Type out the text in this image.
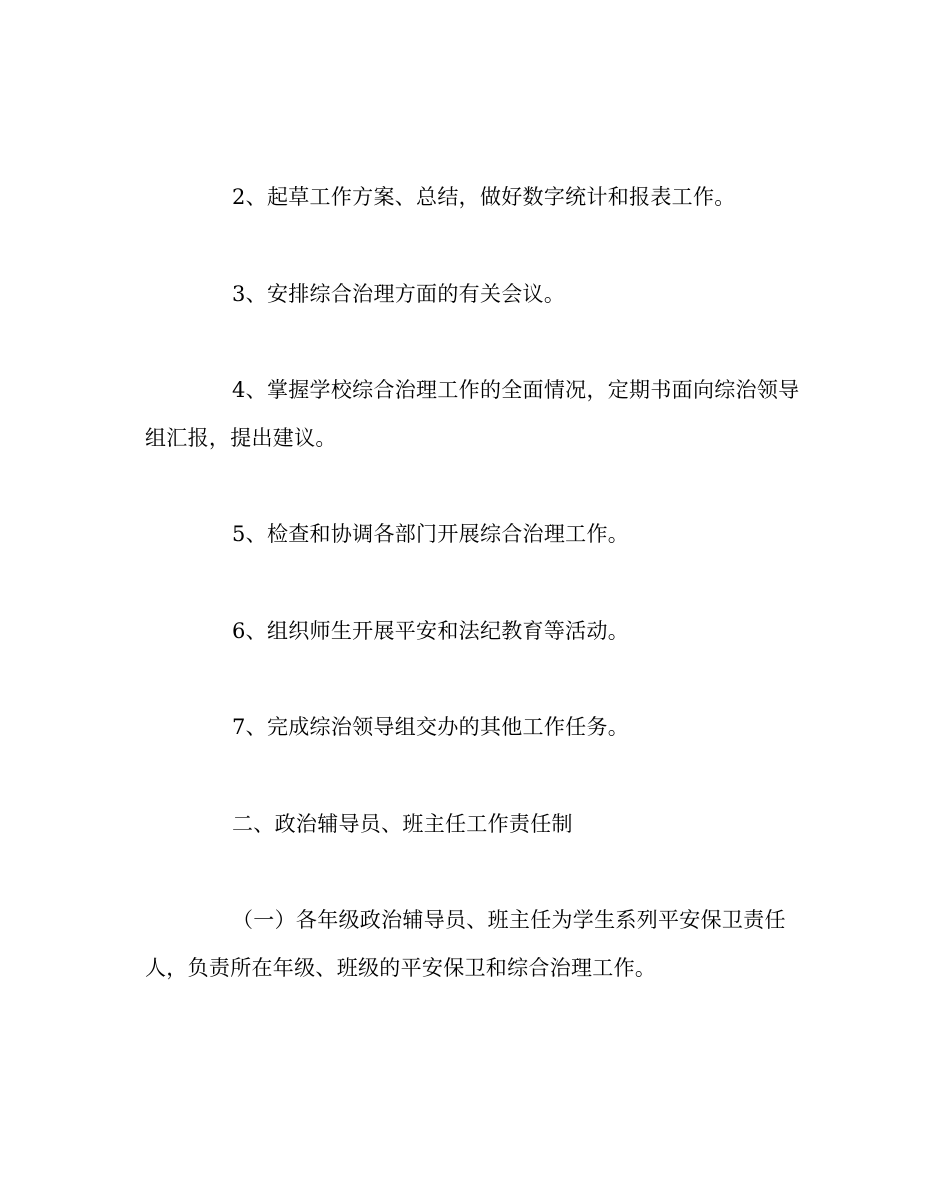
2、起草工作方案、总结，做好数字统计和报表工作。

3、安排综合治理方面的有关会议。

4、掌握学校综合治理工作的全面情况，定期书面向综治领导组汇报，提出建议。

5、检查和协调各部门开展综合治理工作。

6、组织师生开展平安和法纪教育等活动。

7、完成综治领导组交办的其他工作任务。

二、政治辅导员、班主任工作责任制

（一）各年级政治辅导员、班主任为学生系列平安保卫责任人，负责所在年级、班级的平安保卫和综合治理工作。
